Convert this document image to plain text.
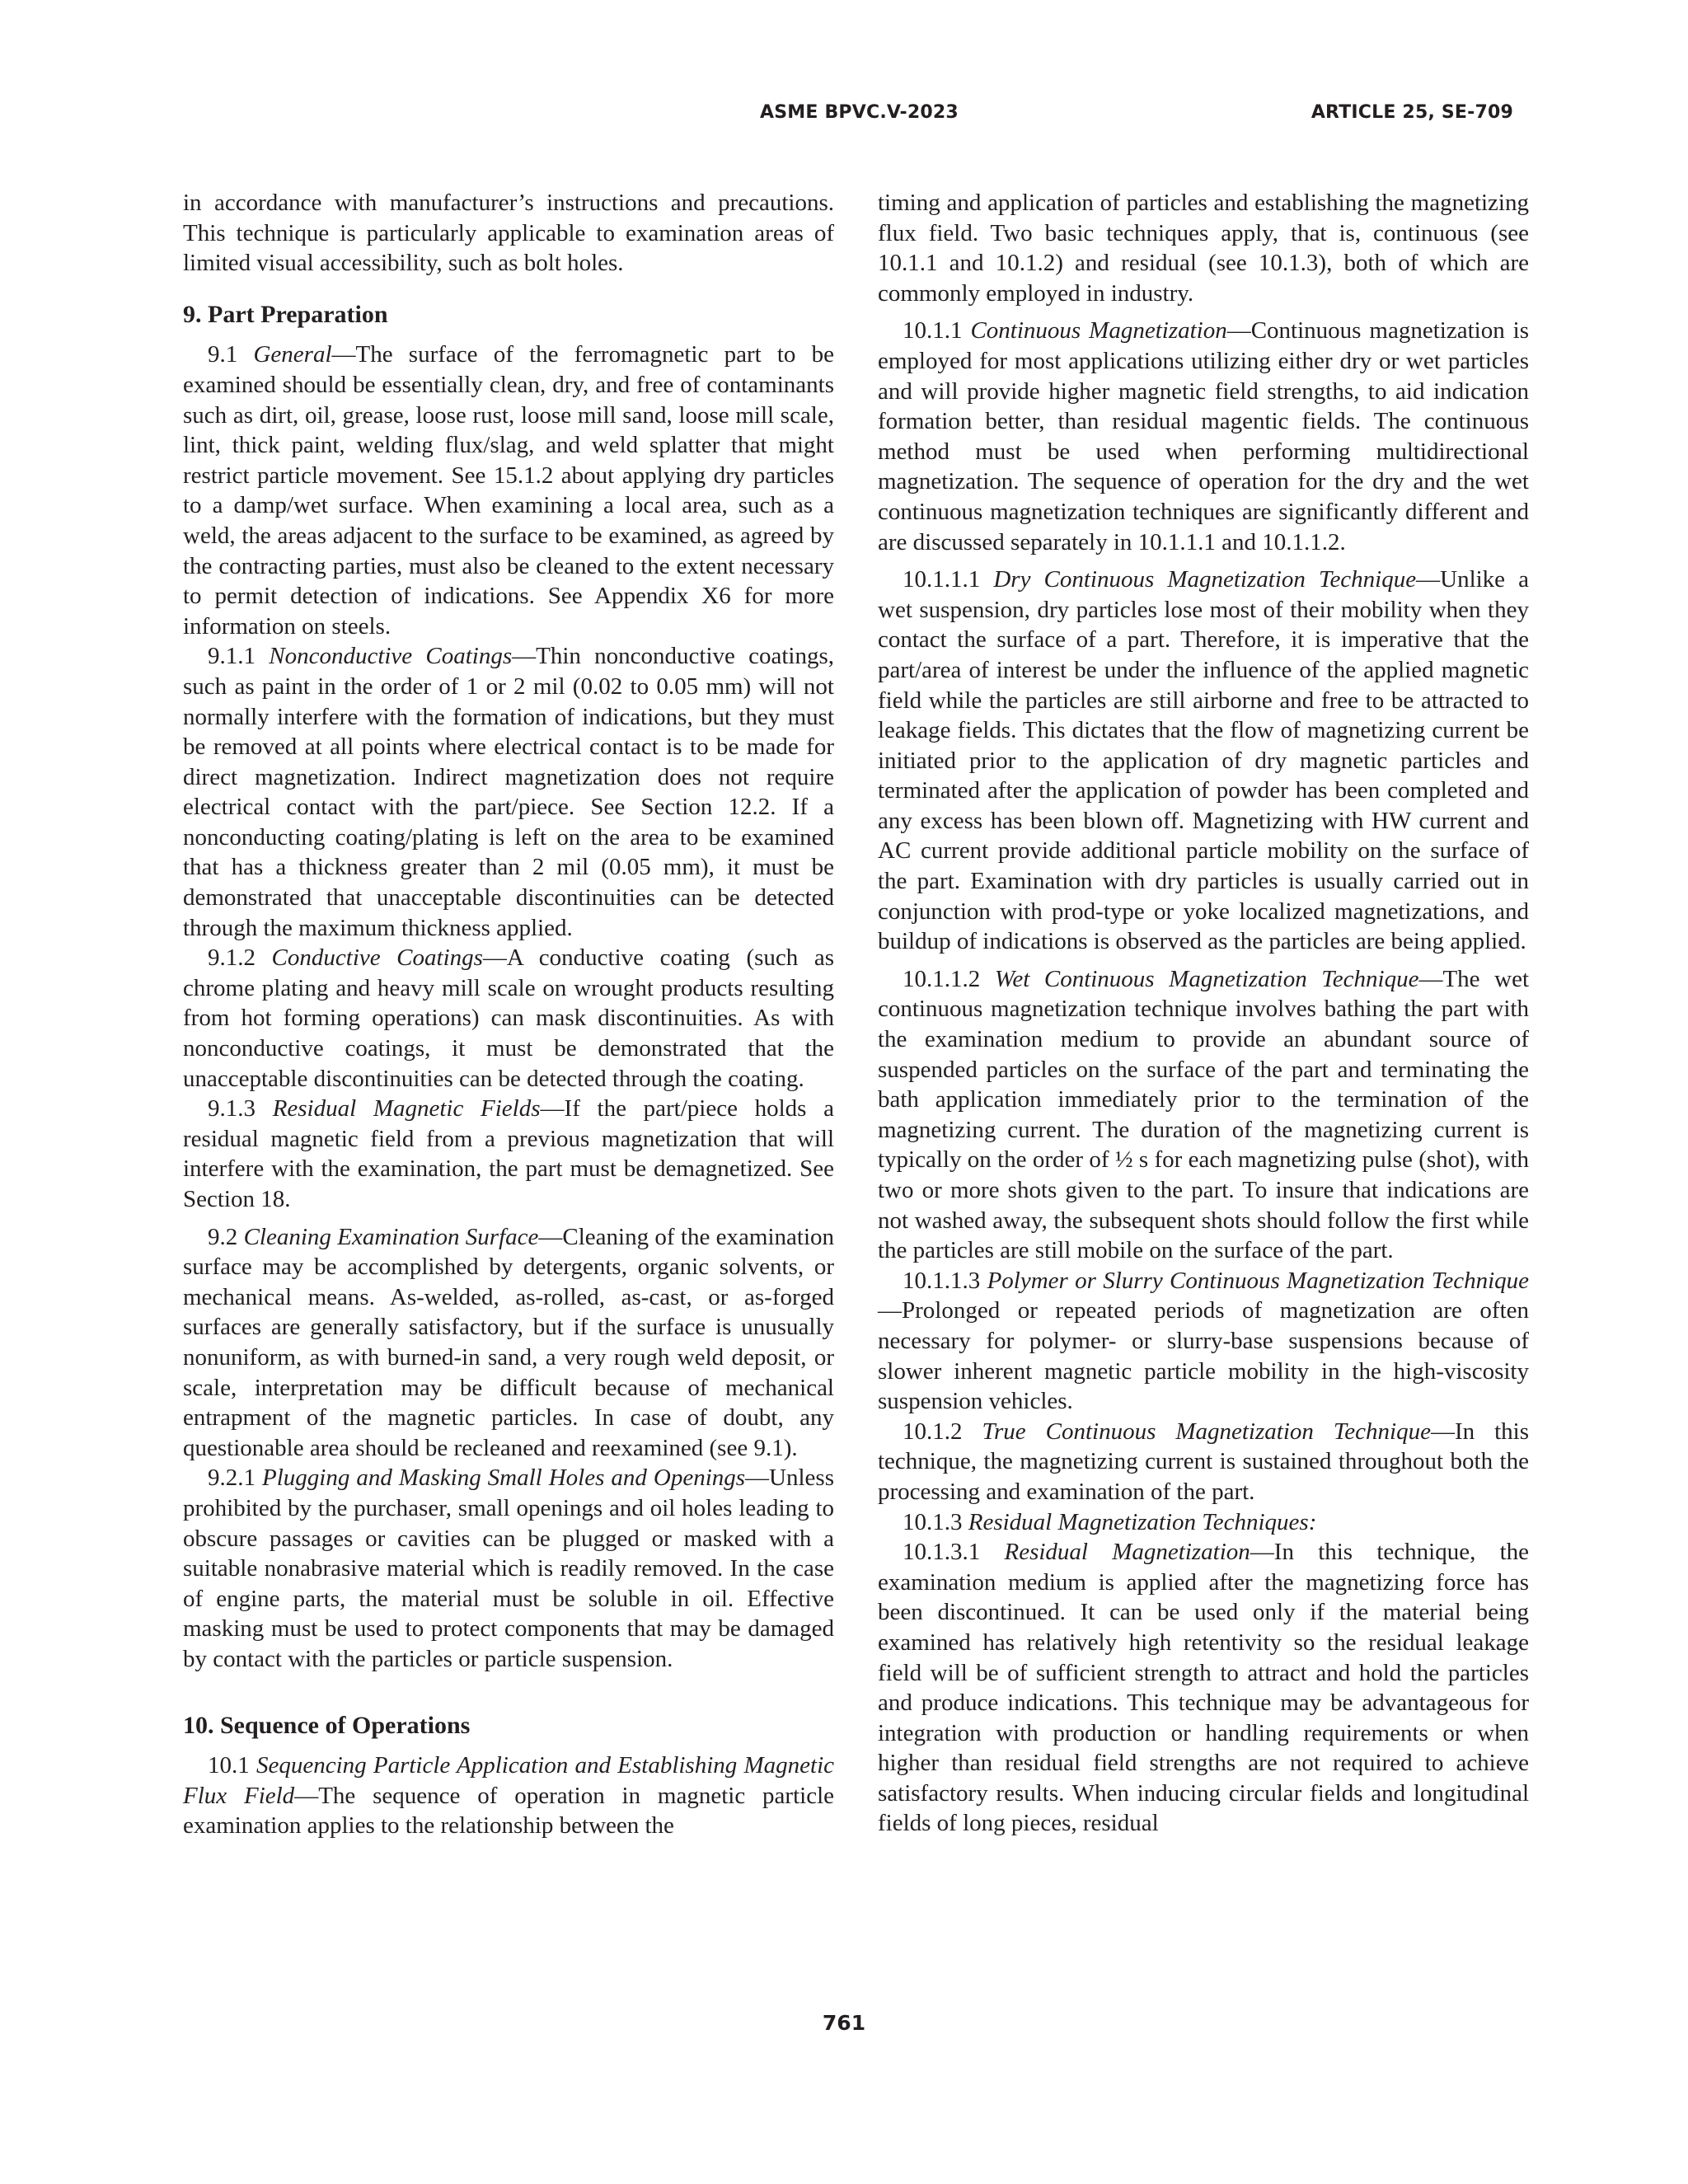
ASME BPVC.V-2023	ARTICLE 25, SE-709

in accordance with manufacturer’s instructions and precautions. This technique is particularly applicable to examination areas of limited visual accessibility, such as bolt holes.

9. Part Preparation

9.1 General—The surface of the ferromagnetic part to be examined should be essentially clean, dry, and free of contaminants such as dirt, oil, grease, loose rust, loose mill sand, loose mill scale, lint, thick paint, welding flux/slag, and weld splatter that might restrict particle movement. See 15.1.2 about applying dry particles to a damp/wet surface. When examining a local area, such as a weld, the areas adjacent to the surface to be examined, as agreed by the contracting parties, must also be cleaned to the extent necessary to permit detection of indications. See Appendix X6 for more information on steels.

9.1.1 Nonconductive Coatings—Thin nonconductive coatings, such as paint in the order of 1 or 2 mil (0.02 to 0.05 mm) will not normally interfere with the formation of indications, but they must be removed at all points where electrical contact is to be made for direct magnetization. Indirect magnetization does not require electrical contact with the part/piece. See Section 12.2. If a nonconducting coating/plating is left on the area to be examined that has a thickness greater than 2 mil (0.05 mm), it must be demonstrated that unacceptable discontinuities can be detected through the maximum thickness applied.

9.1.2 Conductive Coatings—A conductive coating (such as chrome plating and heavy mill scale on wrought products resulting from hot forming operations) can mask discontinuities. As with nonconductive coatings, it must be demonstrated that the unacceptable discontinuities can be detected through the coating.

9.1.3 Residual Magnetic Fields—If the part/piece holds a residual magnetic field from a previous magnetization that will interfere with the examination, the part must be demagnetized. See Section 18.

9.2 Cleaning Examination Surface—Cleaning of the examination surface may be accomplished by detergents, organic solvents, or mechanical means. As-welded, as-rolled, as-cast, or as-forged surfaces are generally satisfactory, but if the surface is unusually nonuniform, as with burned-in sand, a very rough weld deposit, or scale, interpretation may be difficult because of mechanical entrapment of the magnetic particles. In case of doubt, any questionable area should be recleaned and reexamined (see 9.1).

9.2.1 Plugging and Masking Small Holes and Openings—Unless prohibited by the purchaser, small openings and oil holes leading to obscure passages or cavities can be plugged or masked with a suitable nonabrasive material which is readily removed. In the case of engine parts, the material must be soluble in oil. Effective masking must be used to protect components that may be damaged by contact with the particles or particle suspension.

10. Sequence of Operations

10.1 Sequencing Particle Application and Establishing Magnetic Flux Field—The sequence of operation in magnetic particle examination applies to the relationship between the

timing and application of particles and establishing the magnetizing flux field. Two basic techniques apply, that is, continuous (see 10.1.1 and 10.1.2) and residual (see 10.1.3), both of which are commonly employed in industry.

10.1.1 Continuous Magnetization—Continuous magnetization is employed for most applications utilizing either dry or wet particles and will provide higher magnetic field strengths, to aid indication formation better, than residual magentic fields. The continuous method must be used when performing multidirectional magnetization. The sequence of operation for the dry and the wet continuous magnetization techniques are significantly different and are discussed separately in 10.1.1.1 and 10.1.1.2.

10.1.1.1 Dry Continuous Magnetization Technique—Unlike a wet suspension, dry particles lose most of their mobility when they contact the surface of a part. Therefore, it is imperative that the part/area of interest be under the influence of the applied magnetic field while the particles are still airborne and free to be attracted to leakage fields. This dictates that the flow of magnetizing current be initiated prior to the application of dry magnetic particles and terminated after the application of powder has been completed and any excess has been blown off. Magnetizing with HW current and AC current provide additional particle mobility on the surface of the part. Examination with dry particles is usually carried out in conjunction with prod-type or yoke localized magnetizations, and buildup of indications is observed as the particles are being applied.

10.1.1.2 Wet Continuous Magnetization Technique—The wet continuous magnetization technique involves bathing the part with the examination medium to provide an abundant source of suspended particles on the surface of the part and terminating the bath application immediately prior to the termination of the magnetizing current. The duration of the magnetizing current is typically on the order of ½ s for each magnetizing pulse (shot), with two or more shots given to the part. To insure that indications are not washed away, the subsequent shots should follow the first while the particles are still mobile on the surface of the part.

10.1.1.3 Polymer or Slurry Continuous Magnetization Technique—Prolonged or repeated periods of magnetization are often necessary for polymer- or slurry-base suspensions because of slower inherent magnetic particle mobility in the high-viscosity suspension vehicles.

10.1.2 True Continuous Magnetization Technique—In this technique, the magnetizing current is sustained throughout both the processing and examination of the part.

10.1.3 Residual Magnetization Techniques:

10.1.3.1 Residual Magnetization—In this technique, the examination medium is applied after the magnetizing force has been discontinued. It can be used only if the material being examined has relatively high retentivity so the residual leakage field will be of sufficient strength to attract and hold the particles and produce indications. This technique may be advantageous for integration with production or handling requirements or when higher than residual field strengths are not required to achieve satisfactory results. When inducing circular fields and longitudinal fields of long pieces, residual

761
